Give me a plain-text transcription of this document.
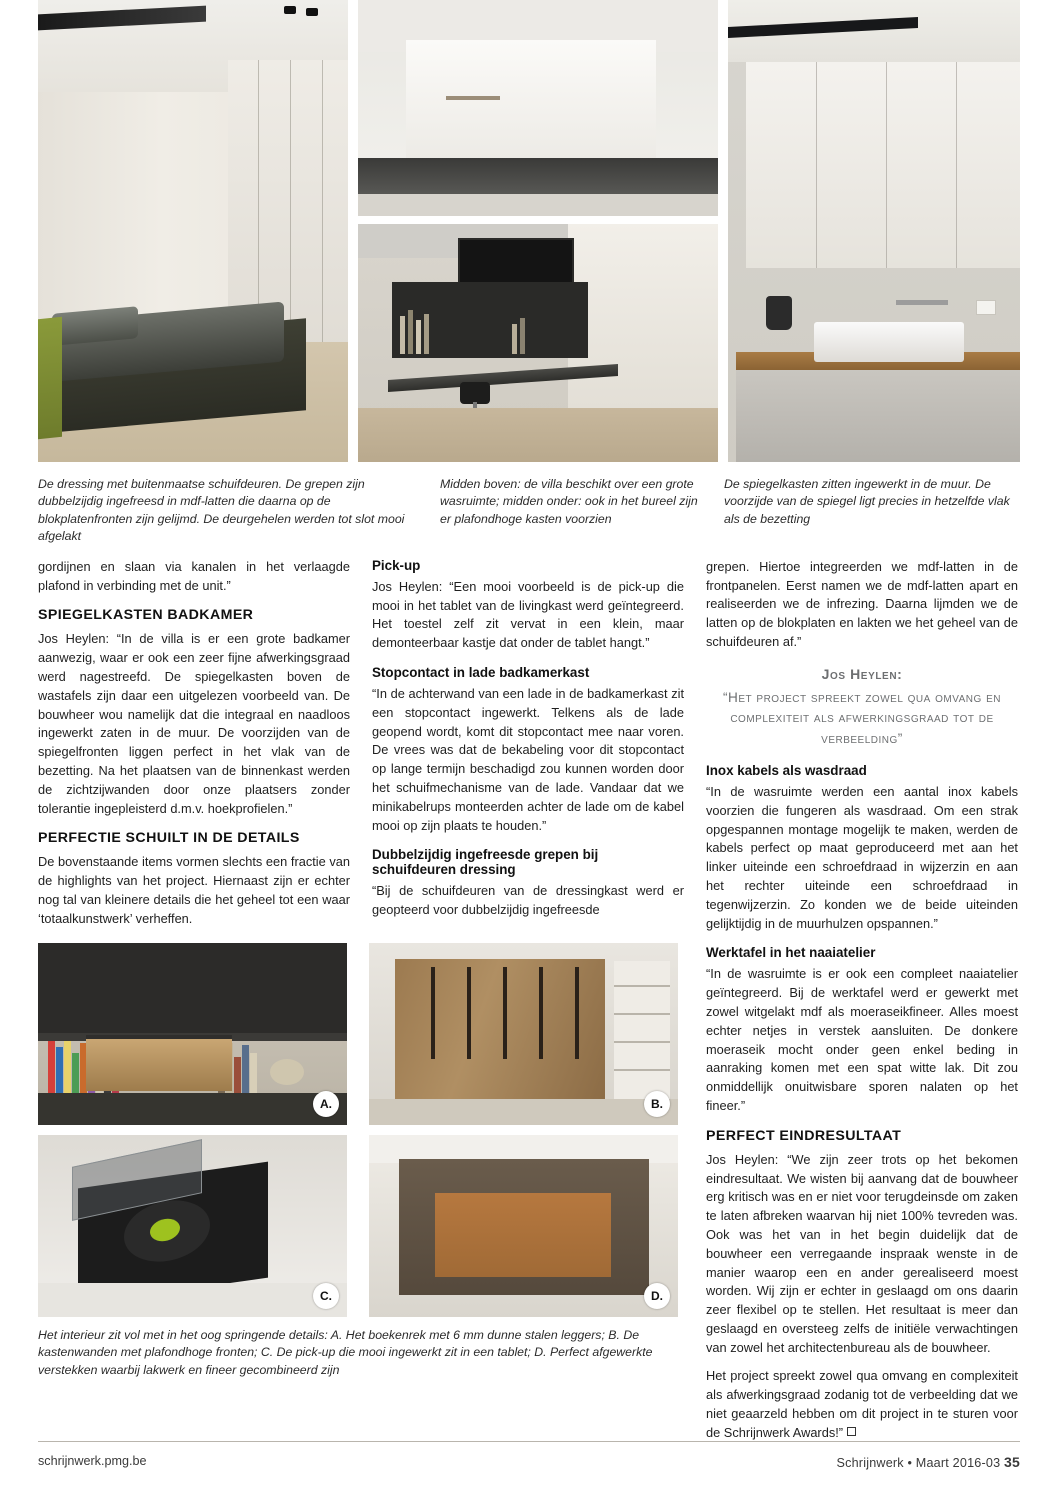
De dressing met buitenmaatse schuifdeuren. De grepen zijn dubbelzijdig ingefreesd in mdf-latten die daarna op de blokplatenfronten zijn gelijmd. De deurgehelen werden tot slot mooi afgelakt
Midden boven: de villa beschikt over een grote wasruimte; midden onder: ook in het bureel zijn er plafondhoge kasten voorzien
De spiegelkasten zitten ingewerkt in de muur. De voorzijde van de spiegel ligt precies in hetzelfde vlak als de bezetting

gordijnen en slaan via kanalen in het verlaagde plafond in verbinding met de unit.”

SPIEGELKASTEN BADKAMER

Jos Heylen: “In de villa is er een grote badkamer aanwezig, waar er ook een zeer fijne afwerkingsgraad werd nagestreefd. De spiegelkasten boven de wastafels zijn daar een uitgelezen voorbeeld van. De bouwheer wou namelijk dat die integraal en naadloos ingewerkt zaten in de muur. De voorzijden van de spiegelfronten liggen perfect in het vlak van de bezetting. Na het plaatsen van de binnenkast werden de zichtzijwanden door onze plaatsers zonder tolerantie ingepleisterd d.m.v. hoekprofielen.”

PERFECTIE SCHUILT IN DE DETAILS

De bovenstaande items vormen slechts een fractie van de highlights van het project. Hiernaast zijn er echter nog tal van kleinere details die het geheel tot een waar ‘totaalkunstwerk’ verheffen.

A.	B.
C.	D.
Het interieur zit vol met in het oog springende details: A. Het boekenrek met 6 mm dunne stalen leggers; B. De kastenwanden met plafondhoge fronten; C. De pick-up die mooi ingewerkt zit in een tablet; D. Perfect afgewerkte verstekken waarbij lakwerk en fineer gecombineerd zijn
Pick-up

Jos Heylen: “Een mooi voorbeeld is de pick-up die mooi in het tablet van de livingkast werd geïntegreerd. Het toestel zelf zit vervat in een klein, maar demonteerbaar kastje dat onder de tablet hangt.”

Stopcontact in lade badkamerkast

“In de achterwand van een lade in de badkamerkast zit een stopcontact ingewerkt. Telkens als de lade geopend wordt, komt dit stopcontact mee naar voren. De vrees was dat de bekabeling voor dit stopcontact op lange termijn beschadigd zou kunnen worden door het schuifmechanisme van de lade. Vandaar dat we minikabelrups monteerden achter de lade om de kabel mooi op zijn plaats te houden.”

Dubbelzijdig ingefreesde grepen bij schuifdeuren dressing

“Bij de schuifdeuren van de dressingkast werd er geopteerd voor dubbelzijdig ingefreesde

grepen. Hiertoe integreerden we mdf-latten in de frontpanelen. Eerst namen we de mdf-latten apart en realiseerden we de infrezing. Daarna lijmden we de latten op de blokplaten en lakten we het geheel van de schuifdeuren af.”

Jos Heylen:
“Het project spreekt zowel qua omvang en complexiteit als afwerkingsgraad tot de verbeelding”
Inox kabels als wasdraad

“In de wasruimte werden een aantal inox kabels voorzien die fungeren als wasdraad. Om een strak opgespannen montage mogelijk te maken, werden de kabels perfect op maat geproduceerd met aan het linker uiteinde een schroefdraad in wijzerzin en aan het rechter uiteinde een schroefdraad in tegenwijzerzin. Zo konden we de beide uiteinden gelijktijdig in de muurhulzen opspannen.”

Werktafel in het naaiatelier

“In de wasruimte is er ook een compleet naaiatelier geïntegreerd. Bij de werktafel werd er gewerkt met zowel witgelakt mdf als moeraseikfineer. Alles moest echter netjes in verstek aansluiten. De donkere moeraseik mocht onder geen enkel beding in aanraking komen met een spat witte lak. Dit zou onmiddellijk onuitwisbare sporen nalaten op het fineer.”

PERFECT EINDRESULTAAT

Jos Heylen: “We zijn zeer trots op het bekomen eindresultaat. We wisten bij aanvang dat de bouwheer erg kritisch was en er niet voor terugdeinsde om zaken te laten afbreken waarvan hij niet 100% tevreden was. Ook was het van in het begin duidelijk dat de bouwheer een verregaande inspraak wenste in de manier waarop een en ander gerealiseerd moest worden. Wij zijn er echter in geslaagd om ons daarin zeer flexibel op te stellen. Het resultaat is meer dan geslaagd en oversteeg zelfs de initiële verwachtingen van zowel het architectenbureau als de bouwheer.

Het project spreekt zowel qua omvang en complexiteit als afwerkingsgraad zodanig tot de verbeelding dat we niet geaarzeld hebben om dit project in te sturen voor de Schrijnwerk Awards!”

schrijnwerk.pmg.be	Schrijnwerk • Maart 2016-03 35
